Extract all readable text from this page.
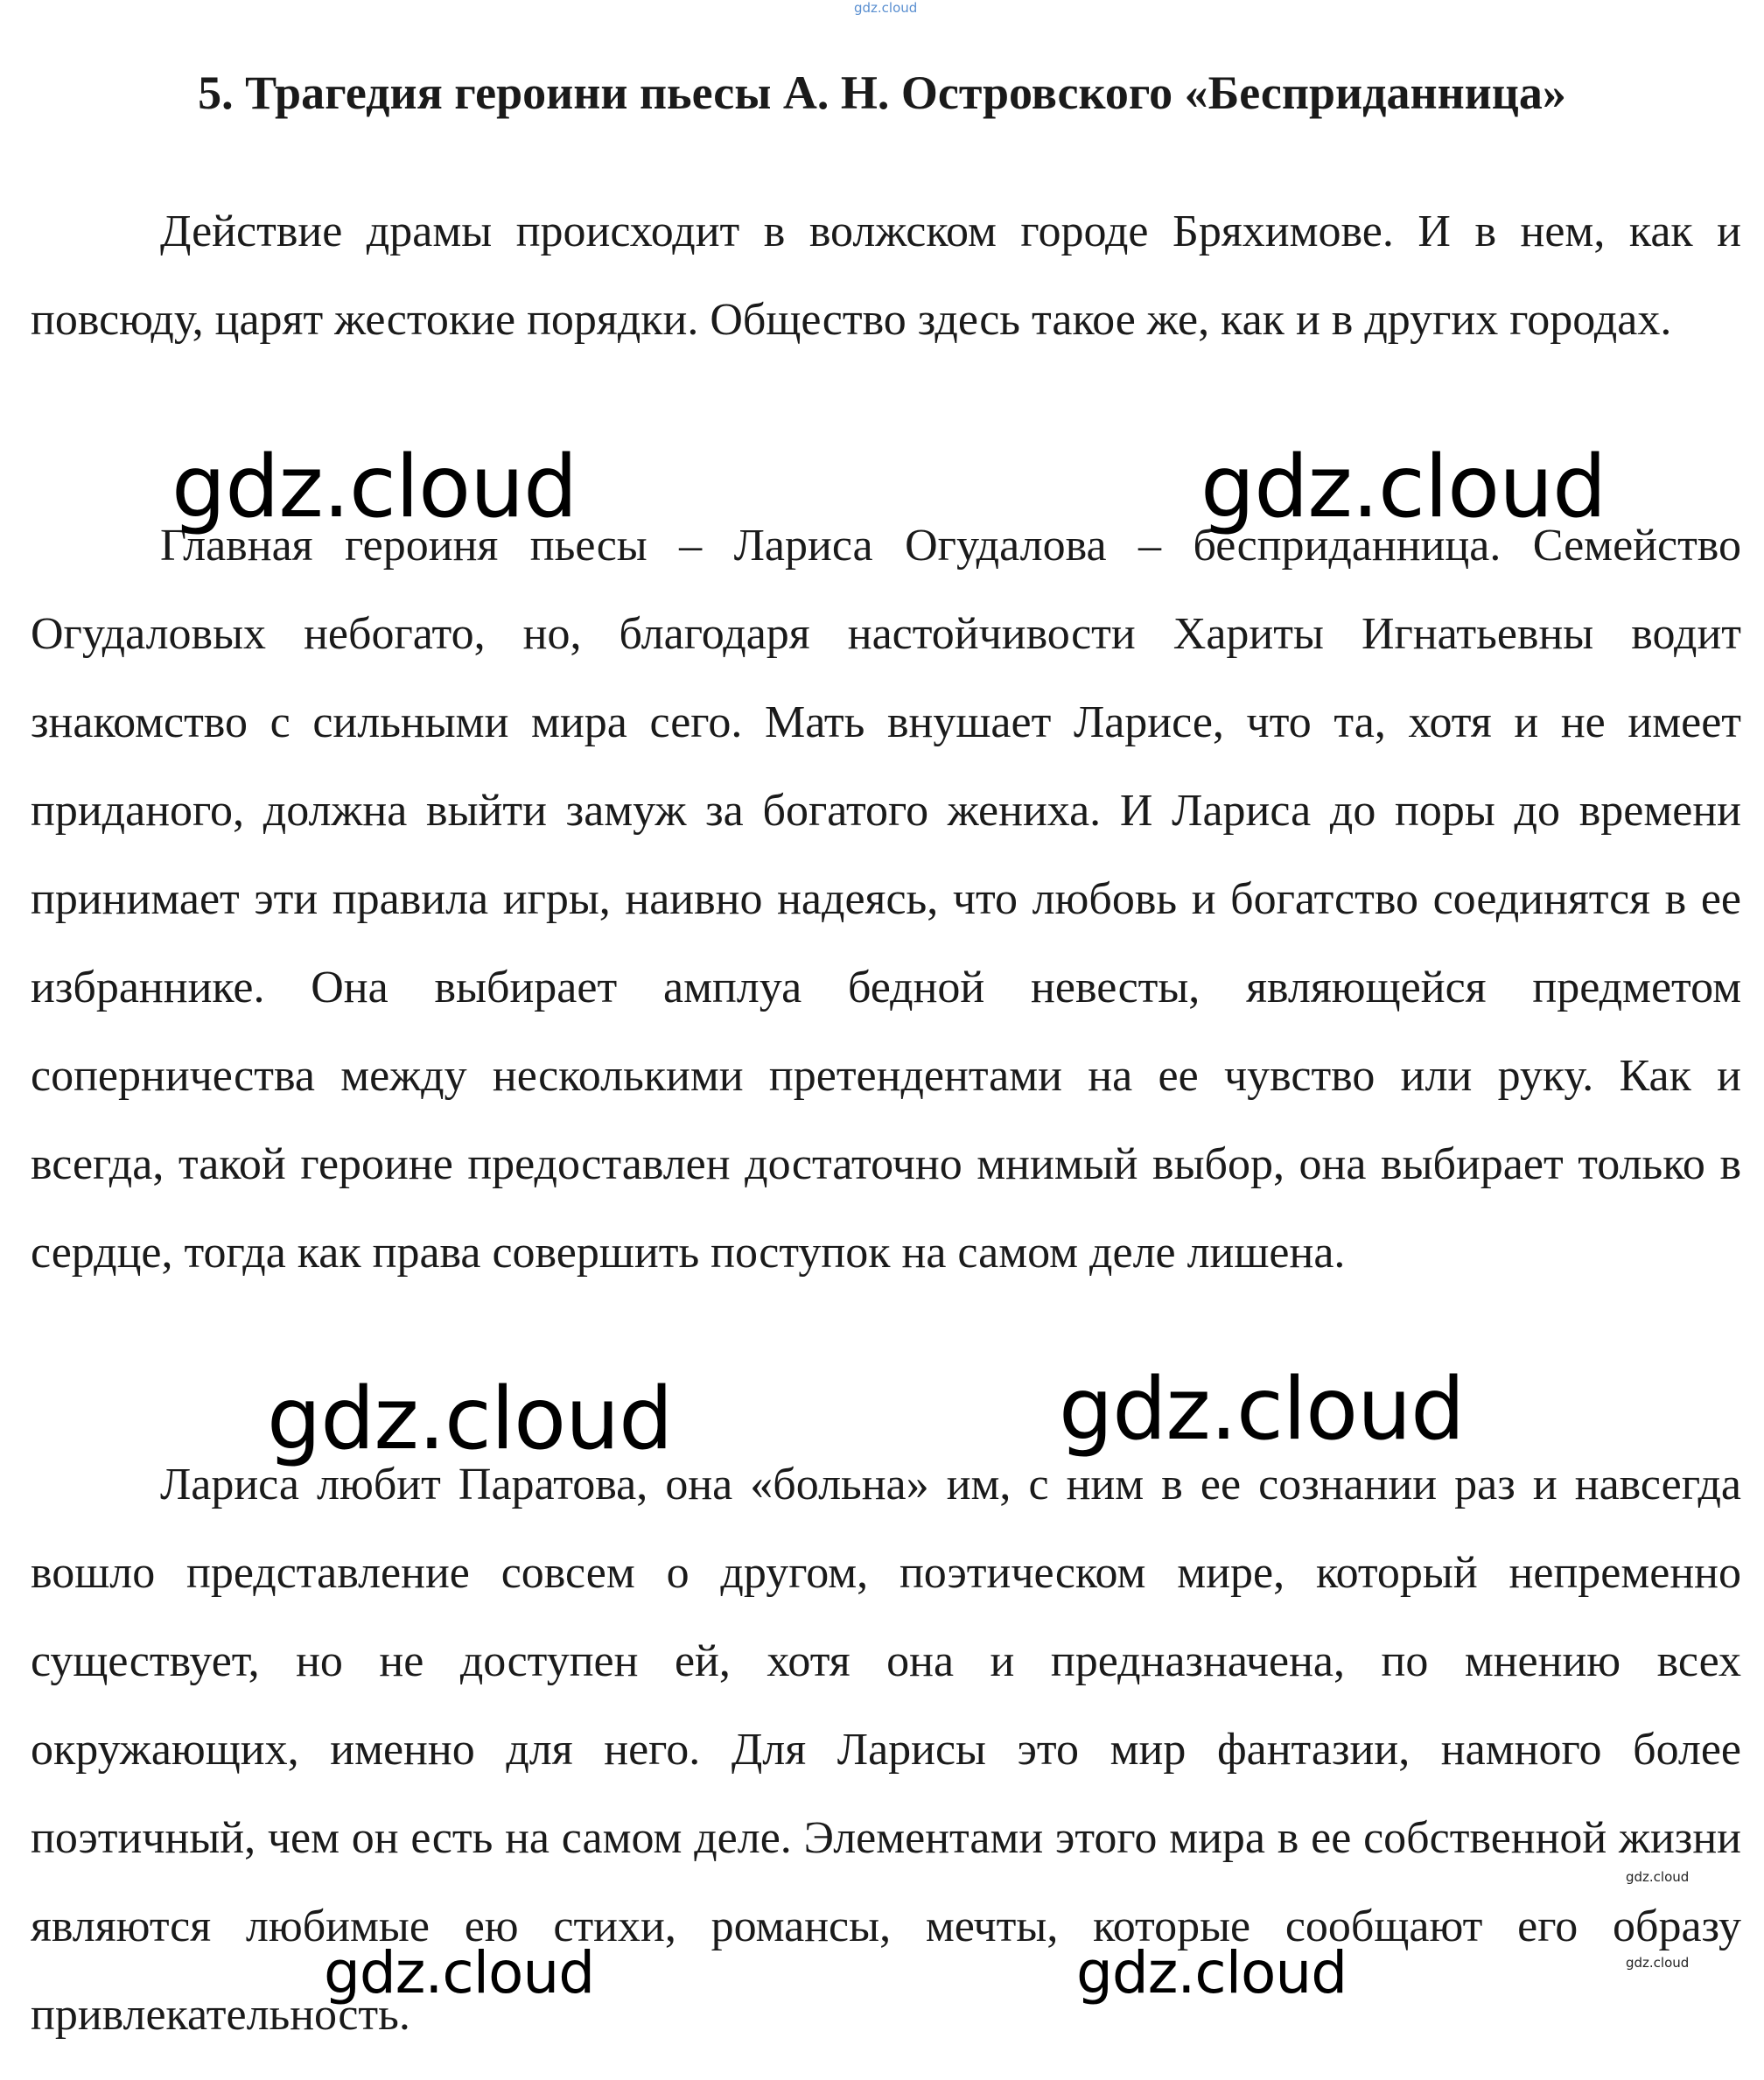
gdz.cloud
5. Трагедия героини пьесы А. Н. Островского «Бесприданница»

Действие драмы происходит в волжском городе Бряхимове. И в нем, как и повсюду, царят жестокие порядки. Общество здесь такое же, как и в других городах.

Главная героиня пьесы – Лариса Огудалова – бесприданница. Семейство Огудаловых небогато, но, благодаря настойчивости Хариты Игнатьевны водит знакомство с сильными мира сего. Мать внушает Ларисе, что та, хотя и не имеет приданого, должна выйти замуж за богатого жениха. И Лариса до поры до времени принимает эти правила игры, наивно надеясь, что любовь и богатство соединятся в ее избраннике. Она выбирает амплуа бедной невесты, являющейся предметом соперничества между несколькими претендентами на ее чувство или руку. Как и всегда, такой героине предоставлен достаточно мнимый выбор, она выбирает только в сердце, тогда как права совершить поступок на самом деле лишена.

Лариса любит Паратова, она «больна» им, с ним в ее сознании раз и навсегда вошло представление совсем о другом, поэтическом мире, который непременно существует, но не доступен ей, хотя она и предназначена, по мнению всех окружающих, именно для него. Для Ларисы это мир фантазии, намного более поэтичный, чем он есть на самом деле. Элементами этого мира в ее собственной жизни являются любимые ею стихи, романсы, мечты, которые сообщают его образу привлекательность.

gdz.cloud	gdz.cloud
gdz.cloud	gdz.cloud
gdz.cloud	gdz.cloud
gdz.cloud
gdz.cloud
